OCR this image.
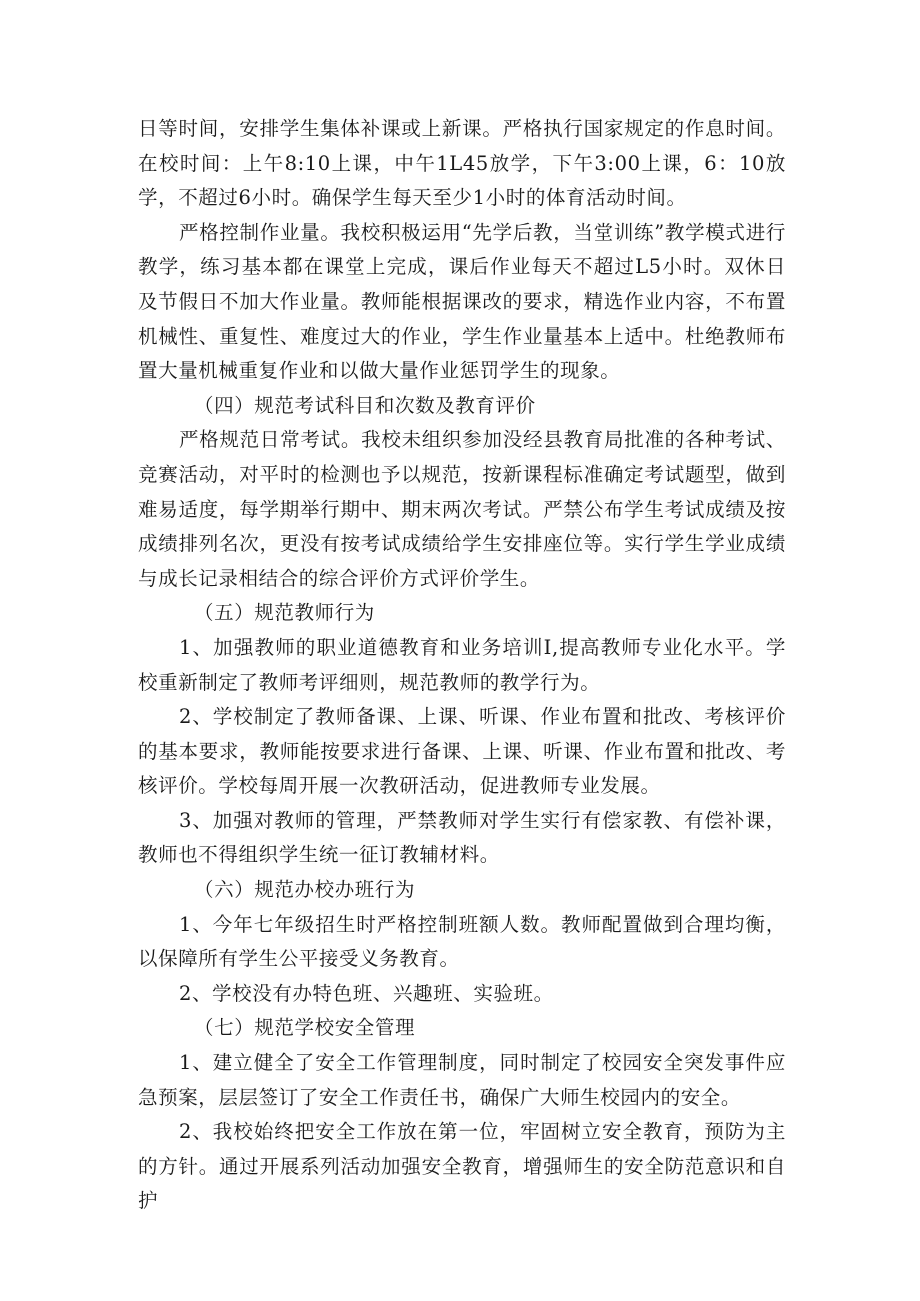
日等时间，安排学生集体补课或上新课。严格执行国家规定的作息时间。在校时间：上午8:10上课，中午1L45放学，下午3:00上课，6：10放学，不超过6小时。确保学生每天至少1小时的体育活动时间。

严格控制作业量。我校积极运用“先学后教，当堂训练”教学模式进行教学，练习基本都在课堂上完成，课后作业每天不超过L5小时。双休日及节假日不加大作业量。教师能根据课改的要求，精选作业内容，不布置机械性、重复性、难度过大的作业，学生作业量基本上适中。杜绝教师布置大量机械重复作业和以做大量作业惩罚学生的现象。

（四）规范考试科目和次数及教育评价

严格规范日常考试。我校未组织参加没经县教育局批准的各种考试、竞赛活动，对平时的检测也予以规范，按新课程标准确定考试题型，做到难易适度，每学期举行期中、期末两次考试。严禁公布学生考试成绩及按成绩排列名次，更没有按考试成绩给学生安排座位等。实行学生学业成绩与成长记录相结合的综合评价方式评价学生。

（五）规范教师行为

1、加强教师的职业道德教育和业务培训I,提高教师专业化水平。学校重新制定了教师考评细则，规范教师的教学行为。

2、学校制定了教师备课、上课、听课、作业布置和批改、考核评价的基本要求，教师能按要求进行备课、上课、听课、作业布置和批改、考核评价。学校每周开展一次教研活动，促进教师专业发展。

3、加强对教师的管理，严禁教师对学生实行有偿家教、有偿补课，教师也不得组织学生统一征订教辅材料。

（六）规范办校办班行为

1、今年七年级招生时严格控制班额人数。教师配置做到合理均衡，以保障所有学生公平接受义务教育。

2、学校没有办特色班、兴趣班、实验班。

（七）规范学校安全管理

1、建立健全了安全工作管理制度，同时制定了校园安全突发事件应急预案，层层签订了安全工作责任书，确保广大师生校园内的安全。

2、我校始终把安全工作放在第一位，牢固树立安全教育，预防为主的方针。通过开展系列活动加强安全教育，增强师生的安全防范意识和自护
